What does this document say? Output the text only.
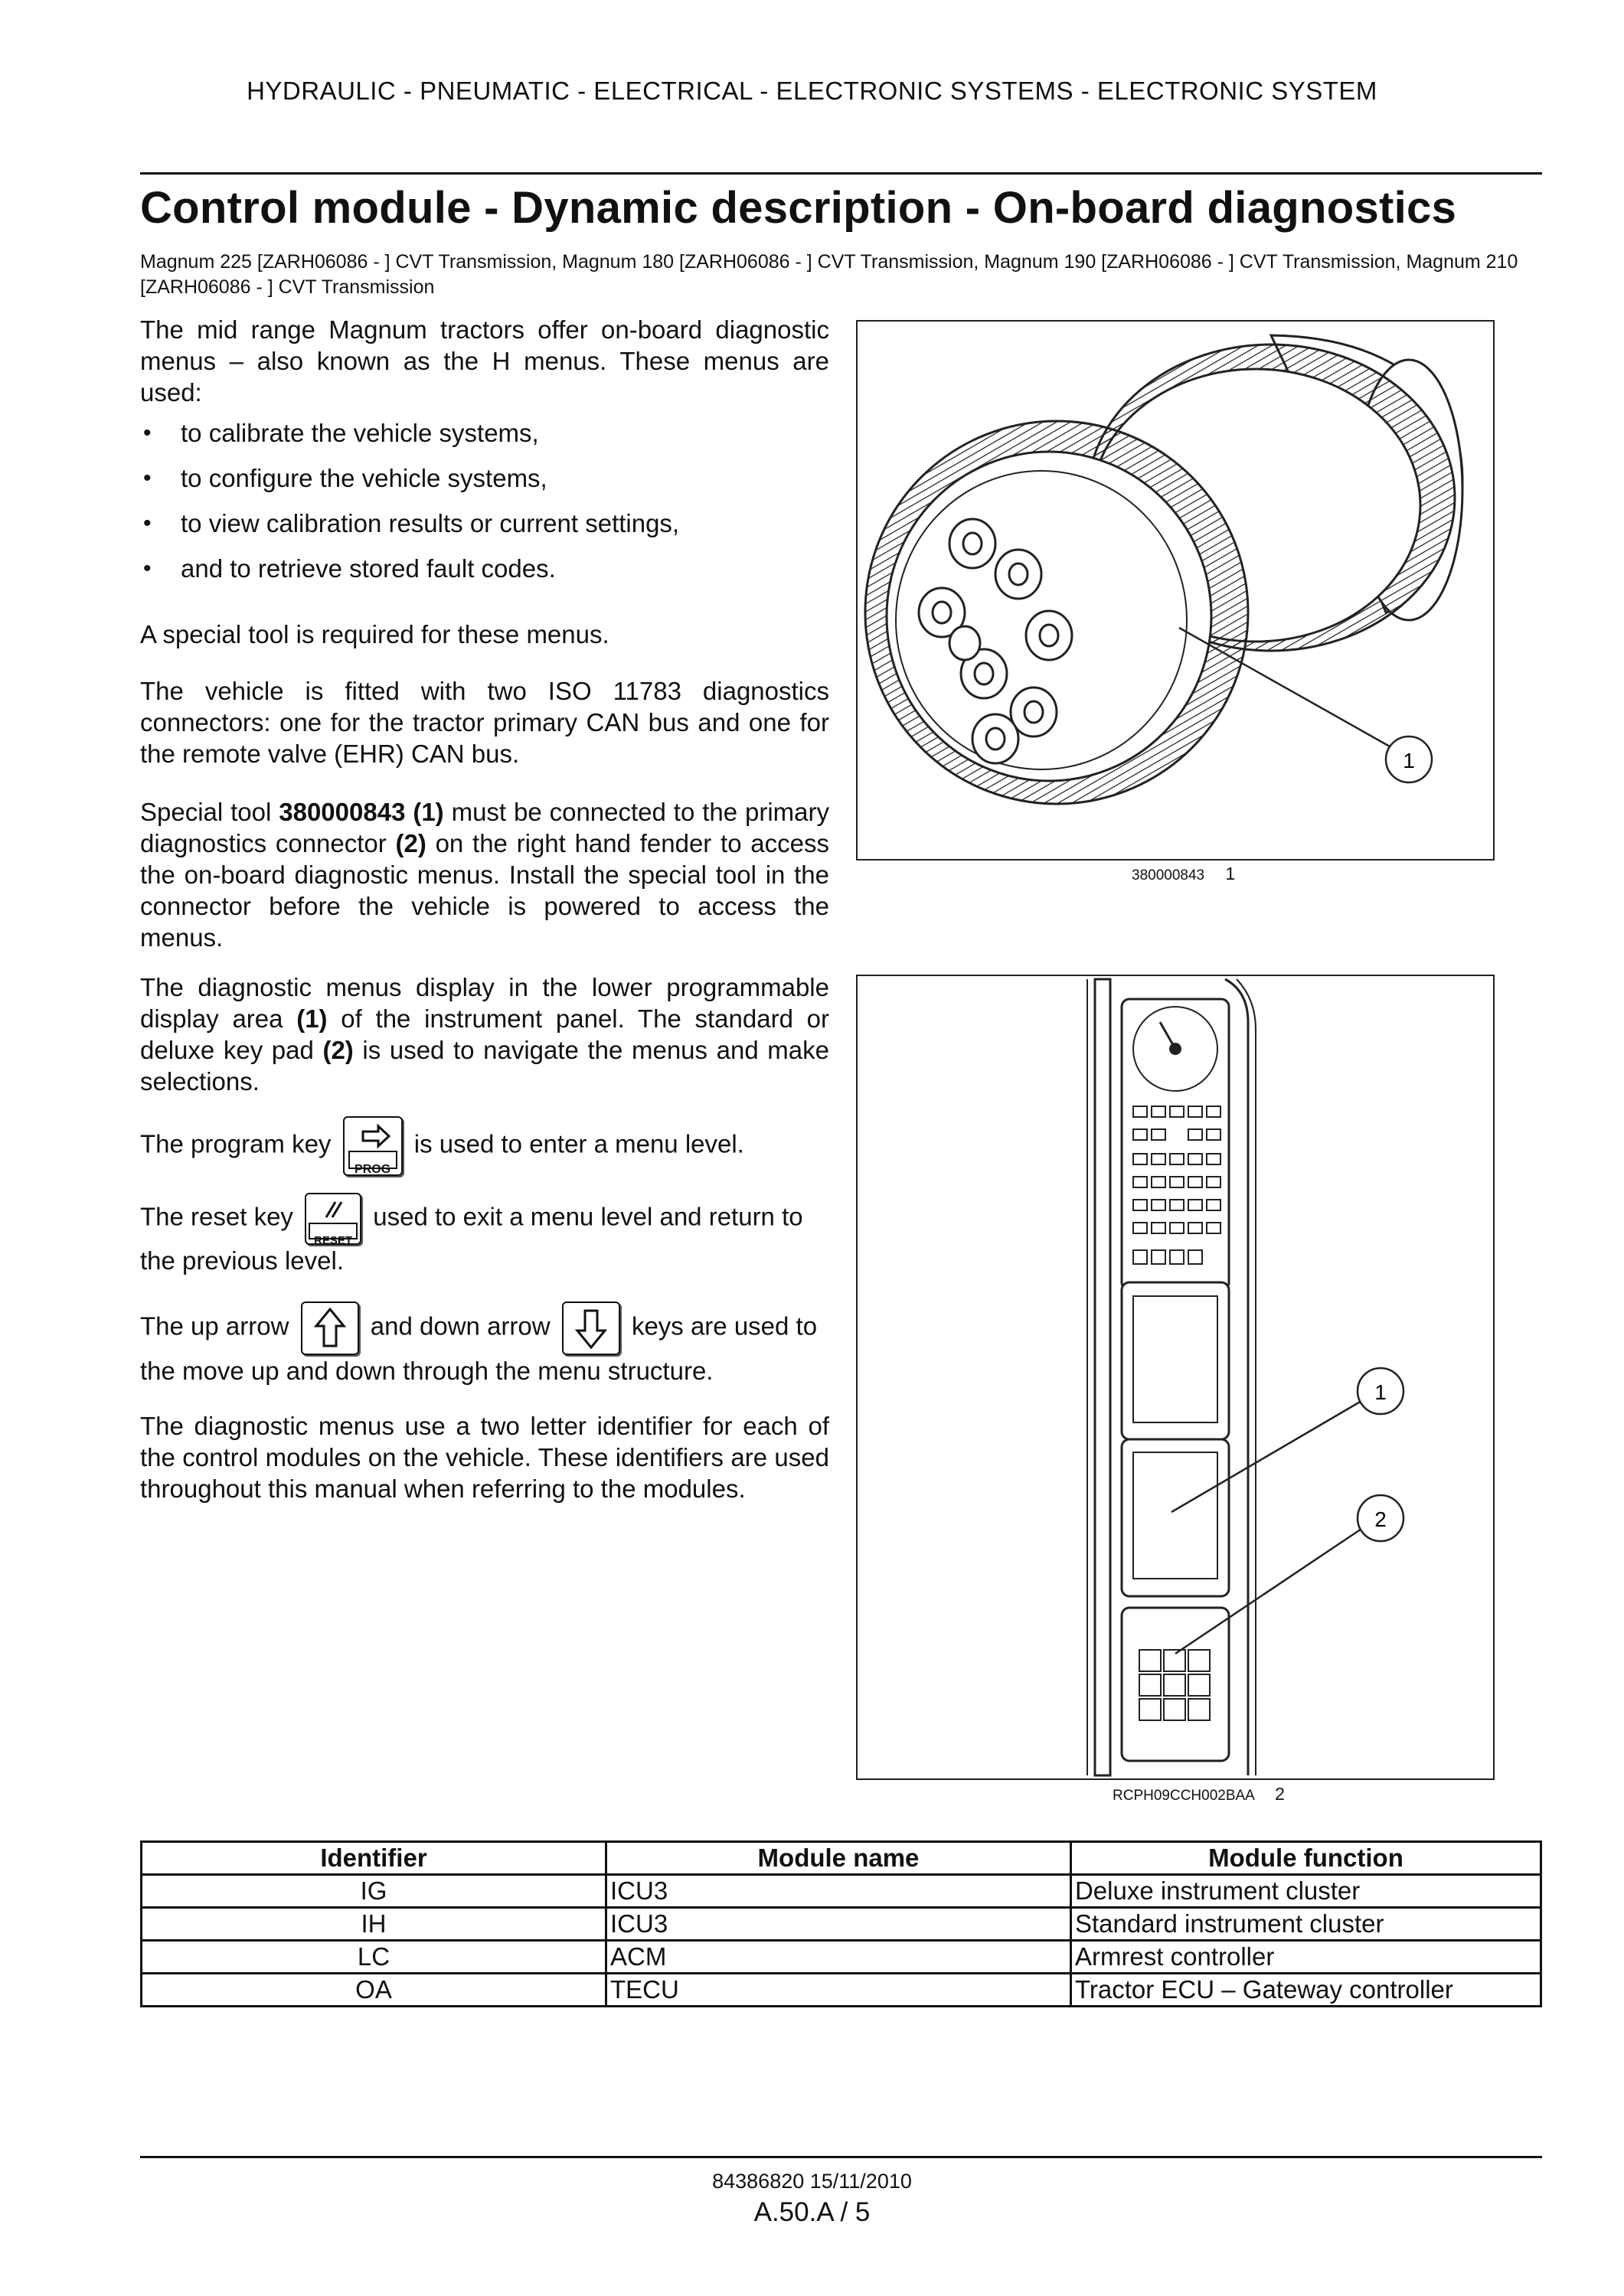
HYDRAULIC - PNEUMATIC - ELECTRICAL - ELECTRONIC SYSTEMS - ELECTRONIC SYSTEM
Control module - Dynamic description - On-board diagnostics
Magnum 225 [ZARH06086 - ] CVT Transmission, Magnum 180 [ZARH06086 - ] CVT Transmission, Magnum 190 [ZARH06086 - ] CVT Transmission, Magnum 210 [ZARH06086 - ] CVT Transmission
The mid range Magnum tractors offer on-board diagnostic menus – also known as the H menus. These menus are used:
• to calibrate the vehicle systems,
• to configure the vehicle systems,
• to view calibration results or current settings,
• and to retrieve stored fault codes.
A special tool is required for these menus.
The vehicle is fitted with two ISO 11783 diagnostics connectors: one for the tractor primary CAN bus and one for the remote valve (EHR) CAN bus.
Special tool 380000843 (1) must be connected to the primary diagnostics connector (2) on the right hand fender to access the on-board diagnostic menus. Install the special tool in the connector before the vehicle is powered to access the menus.
The diagnostic menus display in the lower programmable display area (1) of the instrument panel. The standard or deluxe key pad (2) is used to navigate the menus and make selections.
The program key
PROG
is used to enter a menu level.
The reset key
RESET
used to exit a menu level and return to the previous level.
The up arrow	and down arrow	keys are used to the move up and down through the menu structure.
The diagnostic menus use a two letter identifier for each of the control modules on the vehicle. These identifiers are used throughout this manual when referring to the modules.
1
380000843 1
1
2
RCPH09CCH002BAA 2
Identifier	Module name	Module function
IG	ICU3	Deluxe instrument cluster
IH	ICU3	Standard instrument cluster
LC	ACM	Armrest controller
OA	TECU	Tractor ECU – Gateway controller
84386820 15/11/2010
A.50.A / 5
